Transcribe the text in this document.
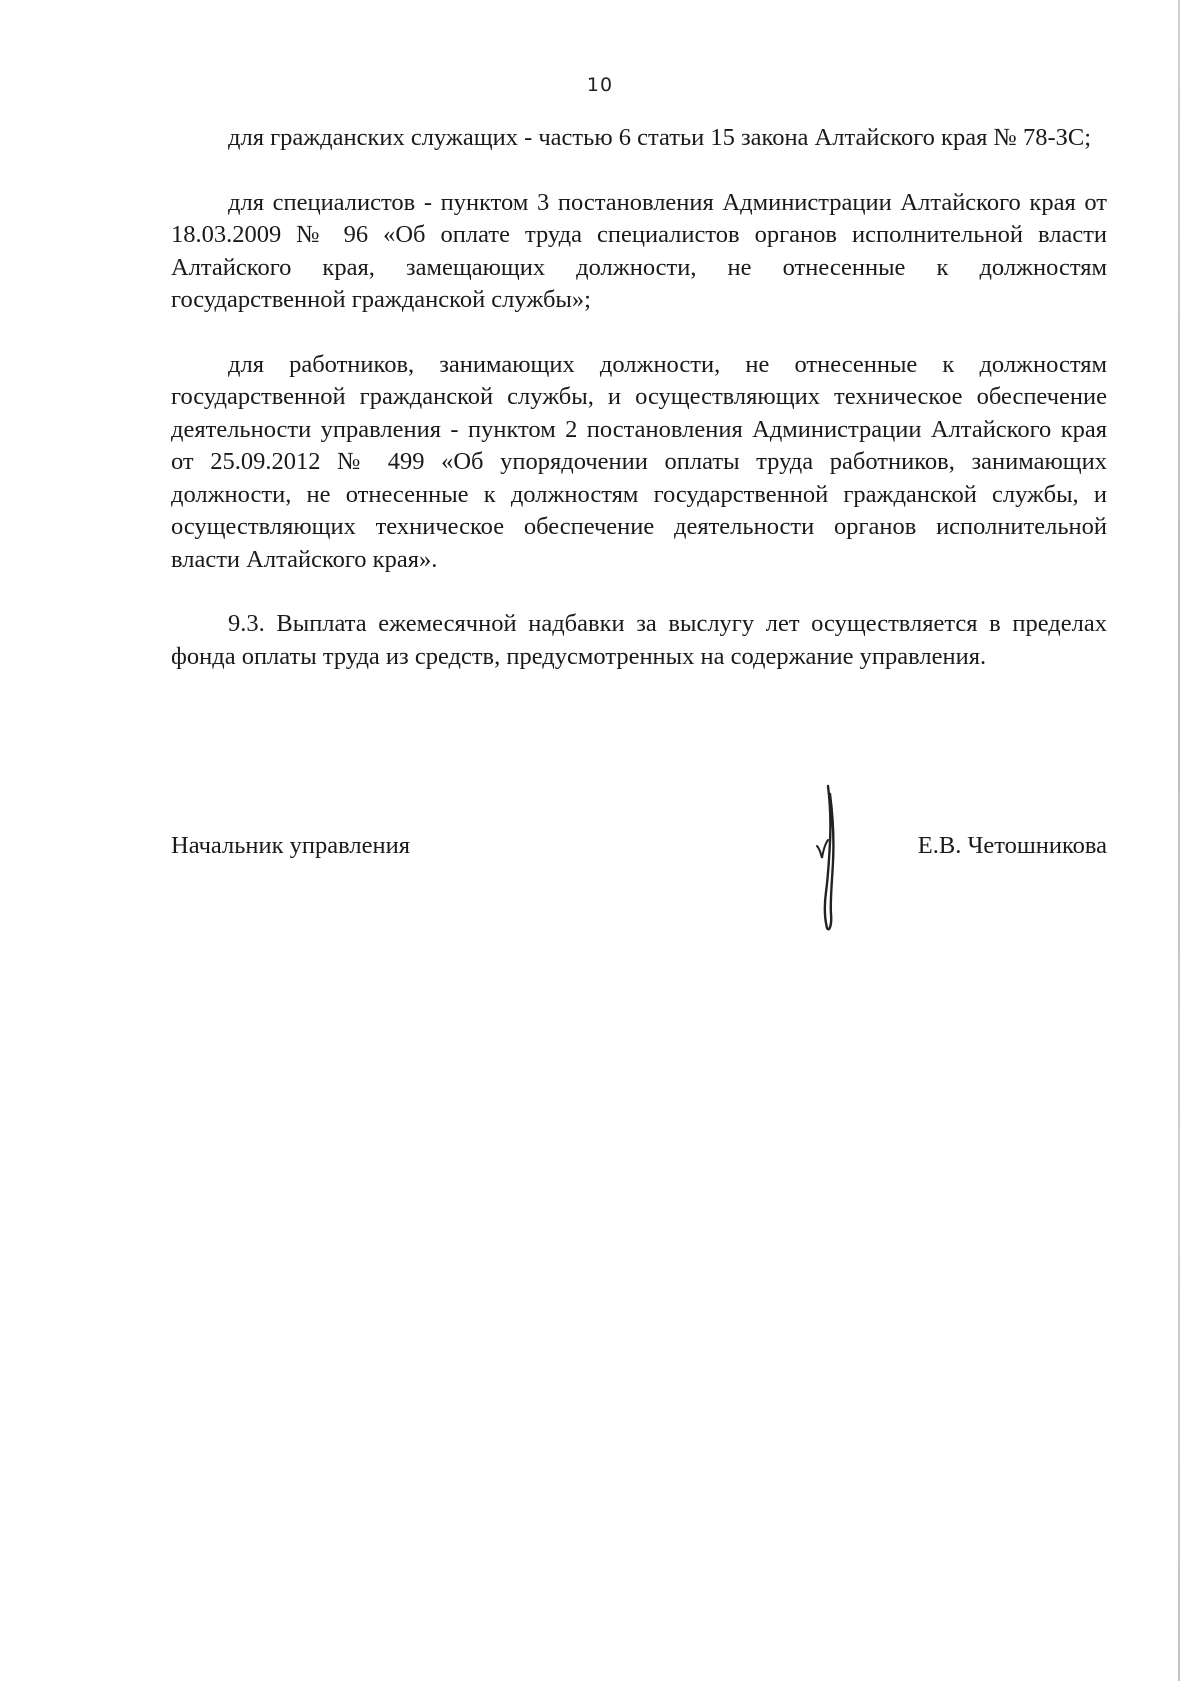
10

для гражданских служащих - частью 6 статьи 15 закона Алтайского края № 78-ЗС;

для специалистов - пунктом 3 постановления Администрации Алтайского края от 18.03.2009 № 96 «Об оплате труда специалистов органов исполнительной власти Алтайского края, замещающих должности, не отнесенные к должностям государственной гражданской службы»;

для работников, занимающих должности, не отнесенные к должностям государственной гражданской службы, и осуществляющих техническое обеспечение деятельности управления - пунктом 2 постановления Администрации Алтайского края от 25.09.2012 № 499 «Об упорядочении оплаты труда работников, занимающих должности, не отнесенные к должностям государственной гражданской службы, и осуществляющих техническое обеспечение деятельности органов исполнительной власти Алтайского края».

9.3. Выплата ежемесячной надбавки за выслугу лет осуществляется в пределах фонда оплаты труда из средств, предусмотренных на содержание управления.

Начальник управления	Е.В. Четошникова
